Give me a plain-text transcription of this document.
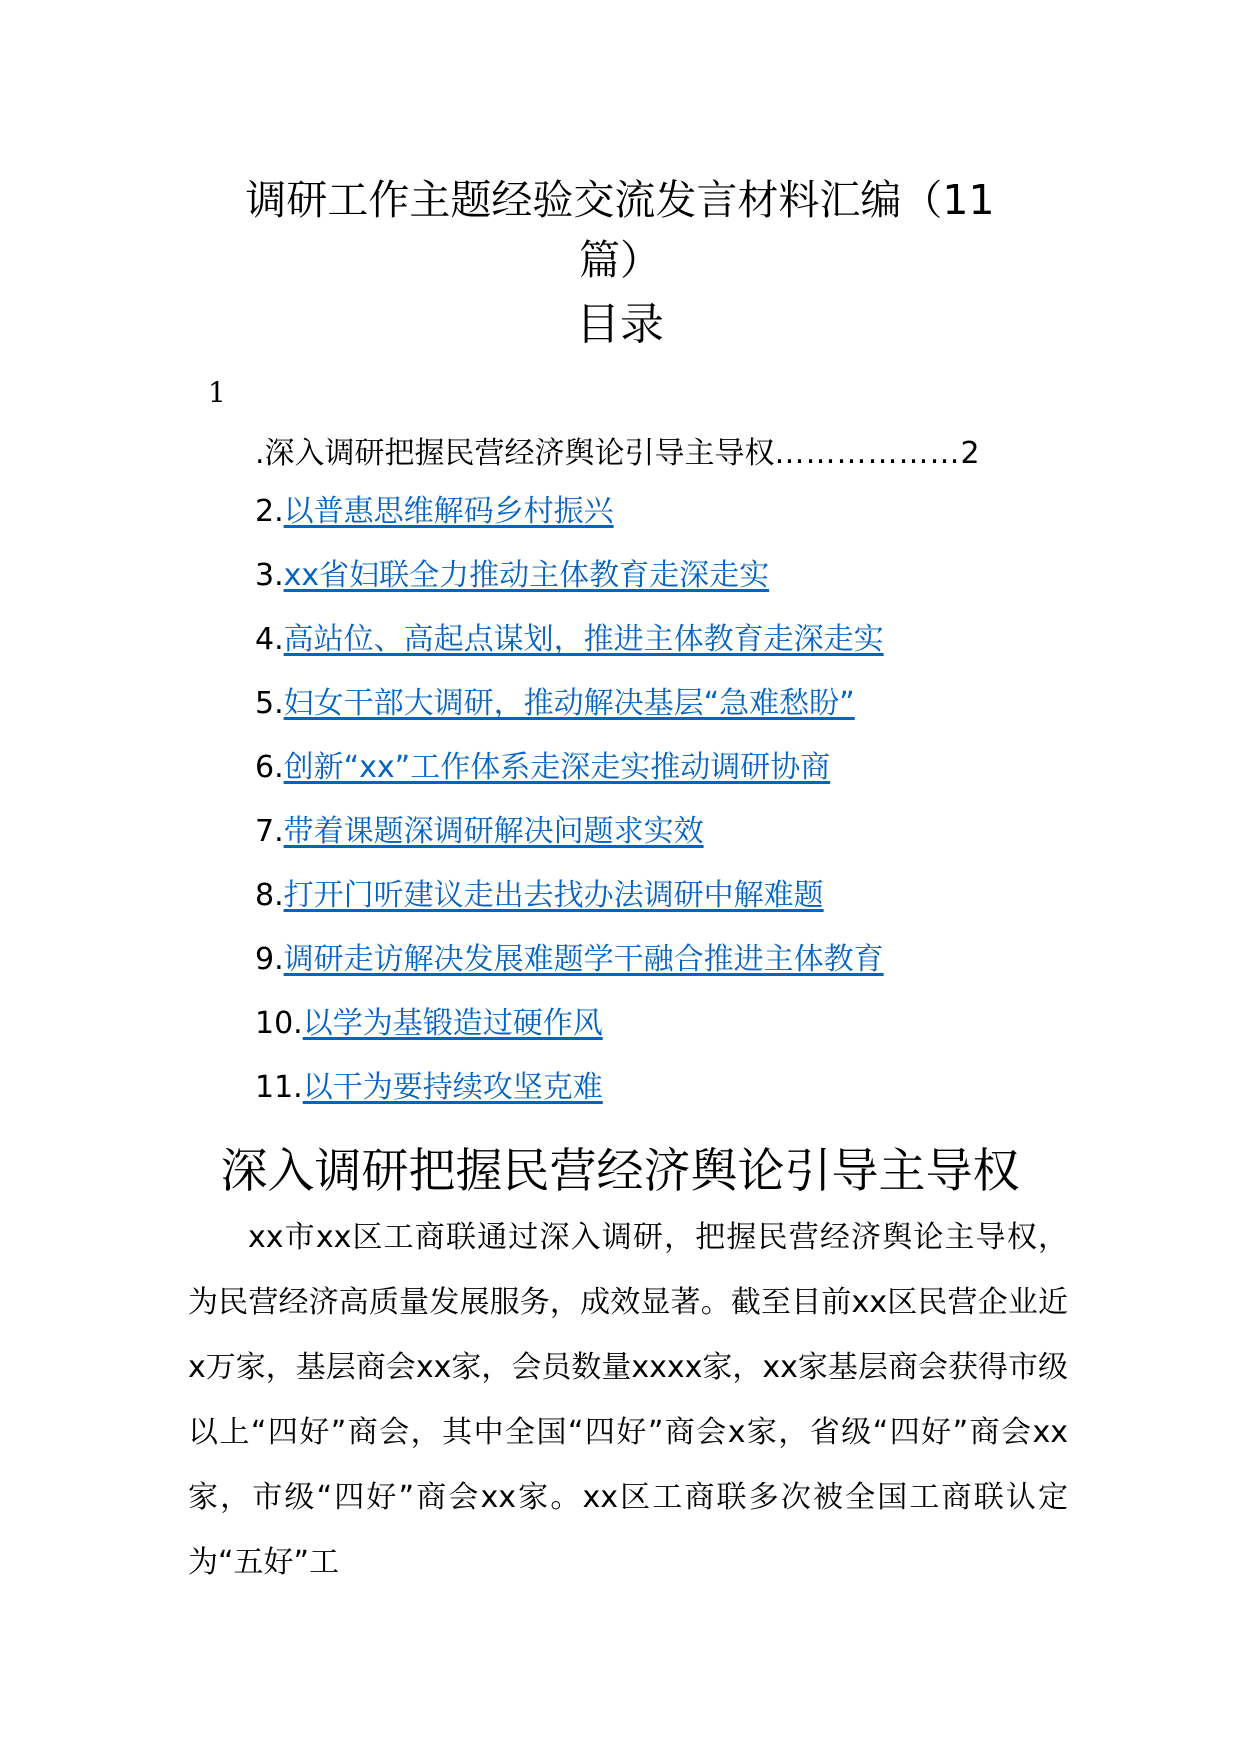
调研工作主题经验交流发言材料汇编（11
篇）
目录
1
.深入调研把握民营经济舆论引导主导权………………2
2.以普惠思维解码乡村振兴
3.xx省妇联全力推动主体教育走深走实
4.高站位、高起点谋划，推进主体教育走深走实
5.妇女干部大调研，推动解决基层“急难愁盼”
6.创新“xx”工作体系走深走实推动调研协商
7.带着课题深调研解决问题求实效
8.打开门听建议走出去找办法调研中解难题
9.调研走访解决发展难题学干融合推进主体教育
10.以学为基锻造过硬作风
11.以干为要持续攻坚克难
深入调研把握民营经济舆论引导主导权

xx市xx区工商联通过深入调研，把握民营经济舆论主导权，为民营经济高质量发展服务，成效显著。截至目前xx区民营企业近x万家，基层商会xx家，会员数量xxxx家，xx家基层商会获得市级以上“四好”商会，其中全国“四好”商会x家，省级“四好”商会xx家，市级“四好”商会xx家。xx区工商联多次被全国工商联认定为“五好”工
